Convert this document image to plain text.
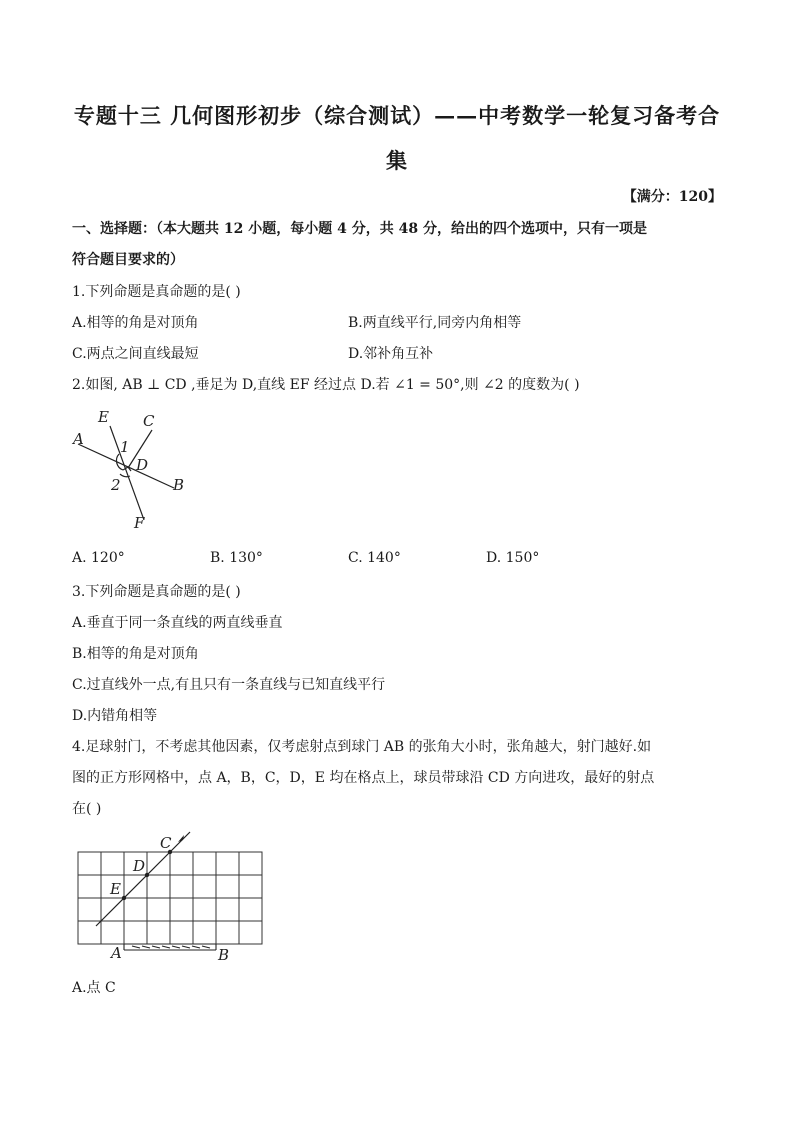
专题十三 几何图形初步（综合测试）——中考数学一轮复习备考合
集
【满分：120】
一、选择题：（本大题共 12 小题，每小题 4 分，共 48 分，给出的四个选项中，只有一项是
符合题目要求的）
1.下列命题是真命题的是( )
A.相等的角是对顶角	B.两直线平行,同旁内角相等
C.两点之间直线最短	D.邻补角互补
2.如图, AB ⊥ CD ,垂足为 D,直线 EF 经过点 D.若 ∠1 = 50°,则 ∠2 的度数为( )
E C
A 1
D
2	B
F
A. 120°	B. 130°	C. 140°	D. 150°
3.下列命题是真命题的是( )
A.垂直于同一条直线的两直线垂直
B.相等的角是对顶角
C.过直线外一点,有且只有一条直线与已知直线平行
D.内错角相等
4.足球射门，不考虑其他因素，仅考虑射点到球门 AB 的张角大小时，张角越大，射门越好.如
图的正方形网格中，点 A，B，C，D，E 均在格点上，球员带球沿 CD 方向进攻，最好的射点
在( )
C
D
E
A	B
A.点 C
